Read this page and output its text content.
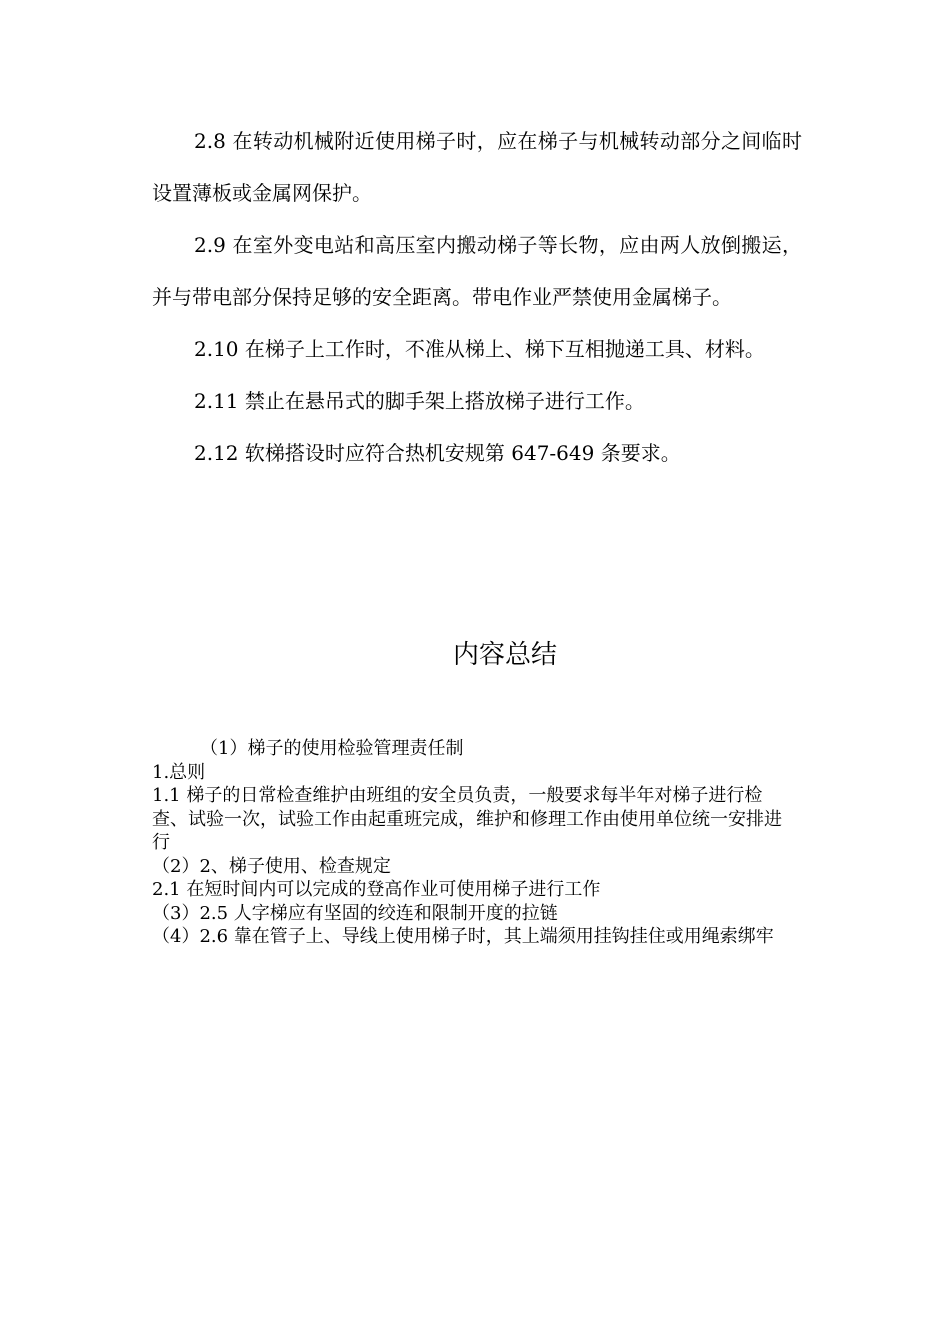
2.8 在转动机械附近使用梯子时，应在梯子与机械转动部分之间临时设置薄板或金属网保护。

2.9 在室外变电站和高压室内搬动梯子等长物，应由两人放倒搬运，并与带电部分保持足够的安全距离。带电作业严禁使用金属梯子。

2.10 在梯子上工作时，不准从梯上、梯下互相抛递工具、材料。

2.11 禁止在悬吊式的脚手架上搭放梯子进行工作。

2.12 软梯搭设时应符合热机安规第 647-649 条要求。

内容总结

（1）梯子的使用检验管理责任制

1.总则

1.1 梯子的日常检查维护由班组的安全员负责，一般要求每半年对梯子进行检查、试验一次，试验工作由起重班完成，维护和修理工作由使用单位统一安排进行

（2）2、梯子使用、检查规定

2.1 在短时间内可以完成的登高作业可使用梯子进行工作

（3）2.5 人字梯应有坚固的绞连和限制开度的拉链

（4）2.6 靠在管子上、导线上使用梯子时，其上端须用挂钩挂住或用绳索绑牢
